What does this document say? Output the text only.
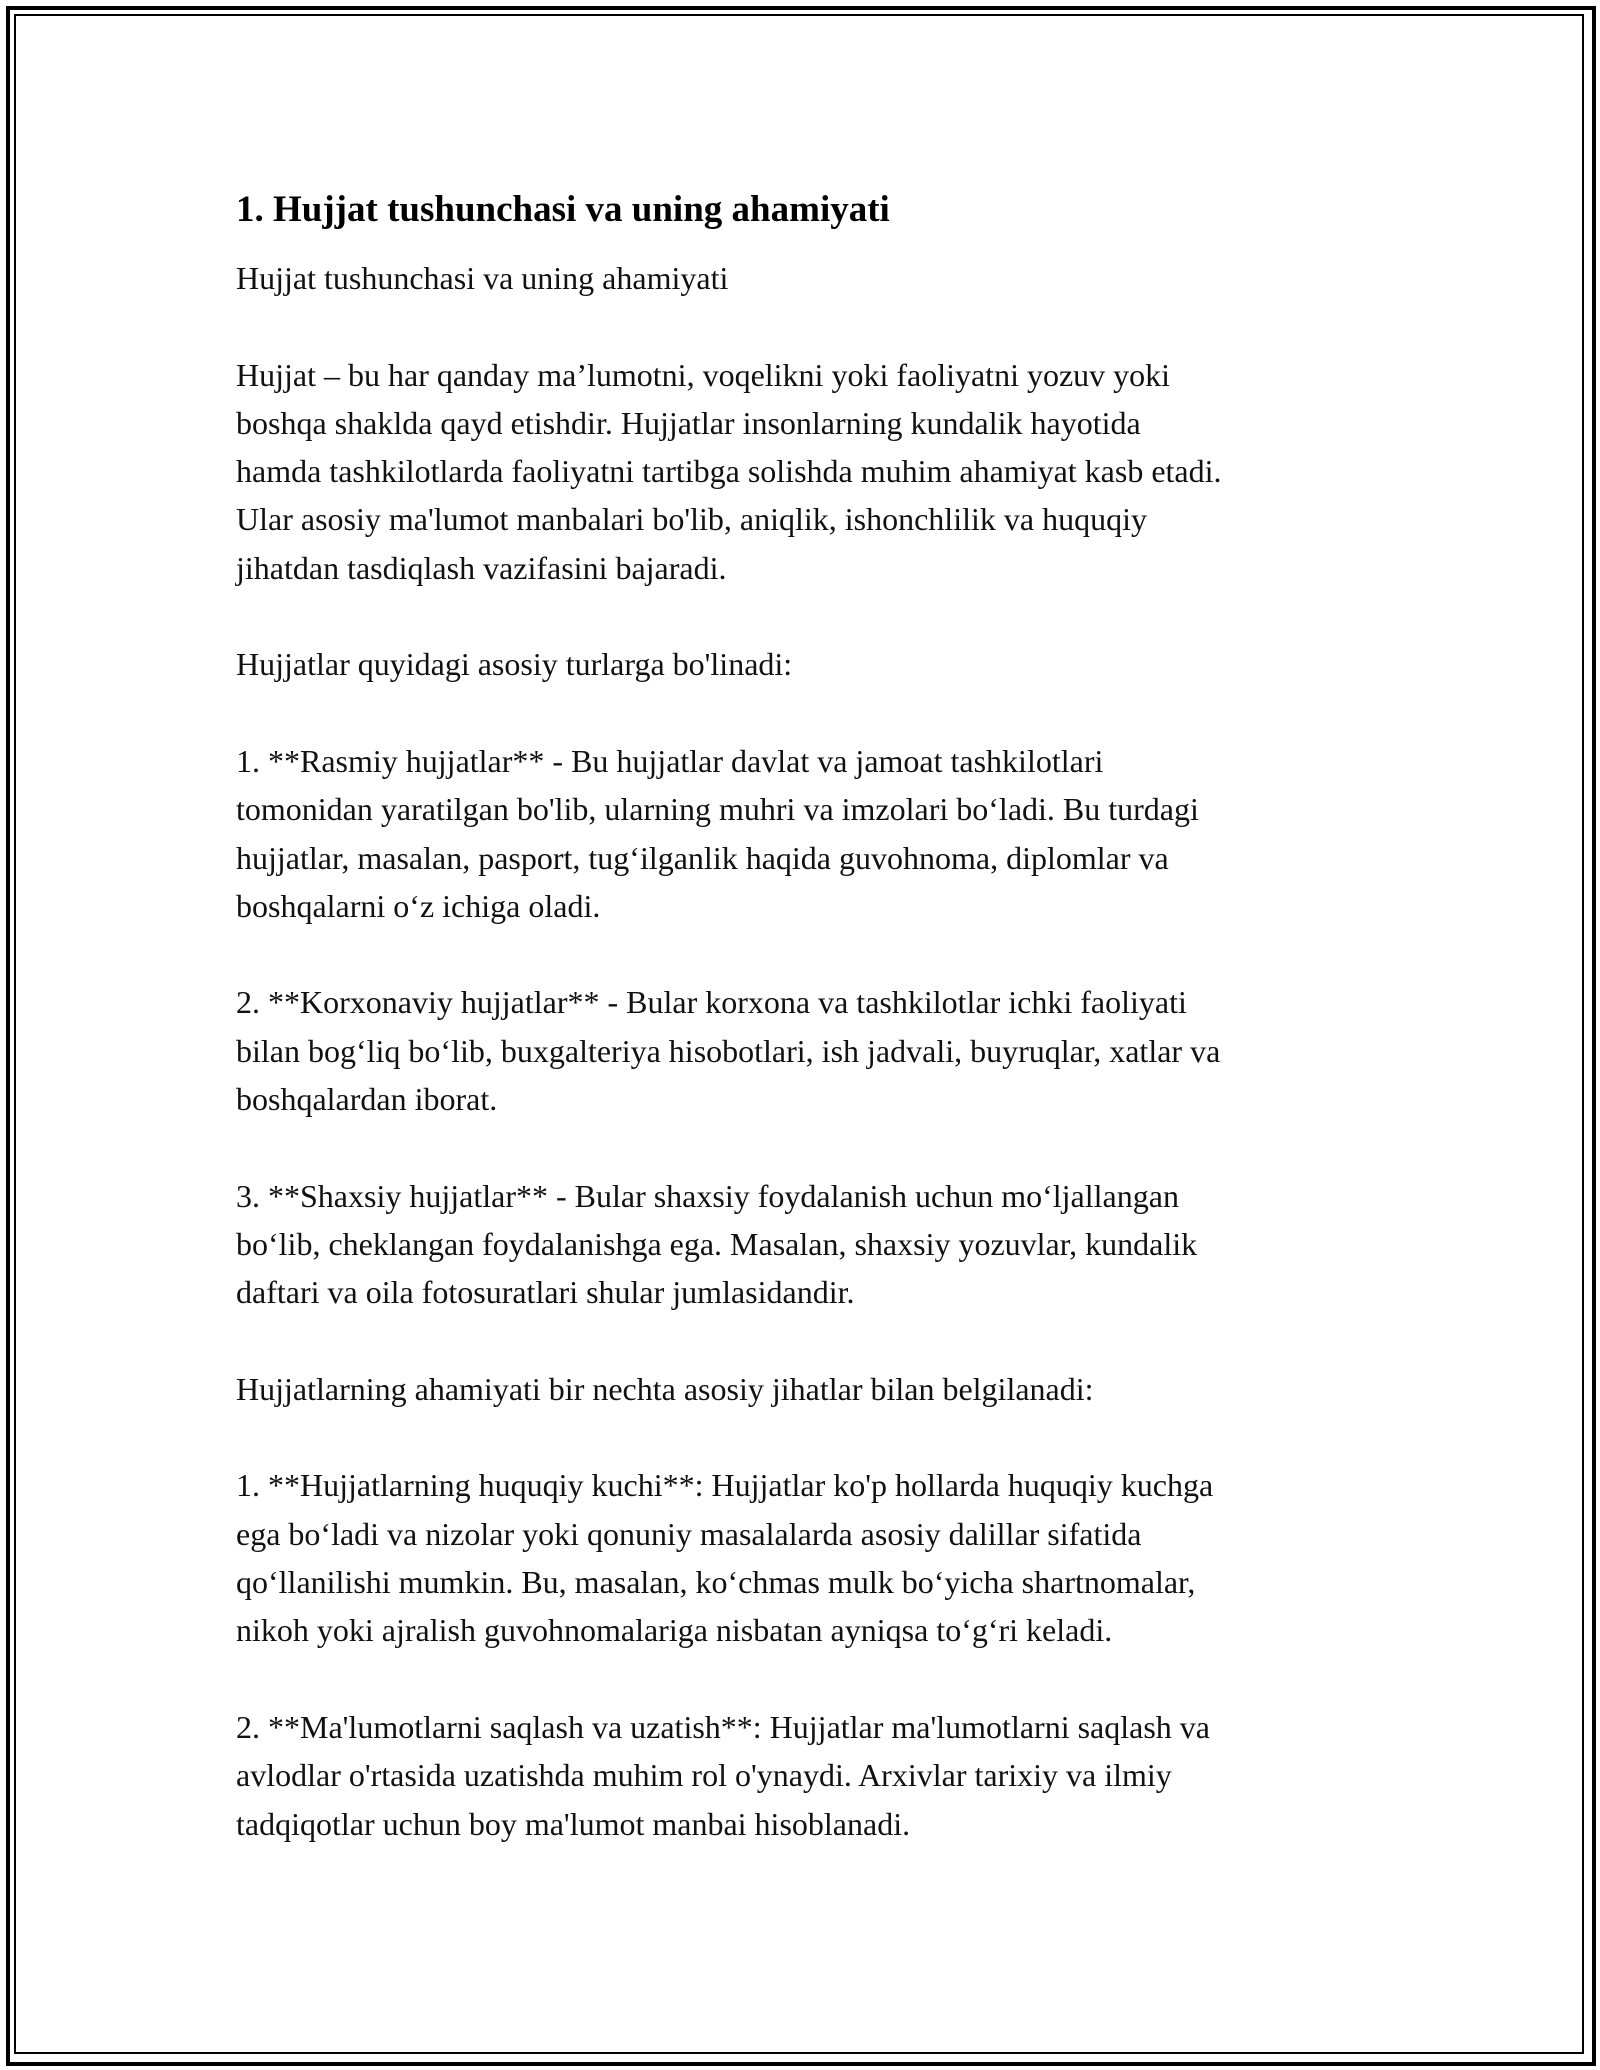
1. Hujjat tushunchasi va uning ahamiyati

Hujjat tushunchasi va uning ahamiyati

Hujjat – bu har qanday ma’lumotni, voqelikni yoki faoliyatni yozuv yoki
boshqa shaklda qayd etishdir. Hujjatlar insonlarning kundalik hayotida
hamda tashkilotlarda faoliyatni tartibga solishda muhim ahamiyat kasb etadi.
Ular asosiy ma'lumot manbalari bo'lib, aniqlik, ishonchlilik va huquqiy
jihatdan tasdiqlash vazifasini bajaradi.

Hujjatlar quyidagi asosiy turlarga bo'linadi:

1. **Rasmiy hujjatlar** - Bu hujjatlar davlat va jamoat tashkilotlari
tomonidan yaratilgan bo'lib, ularning muhri va imzolari bo‘ladi. Bu turdagi
hujjatlar, masalan, pasport, tug‘ilganlik haqida guvohnoma, diplomlar va
boshqalarni o‘z ichiga oladi.

2. **Korxonaviy hujjatlar** - Bular korxona va tashkilotlar ichki faoliyati
bilan bog‘liq bo‘lib, buxgalteriya hisobotlari, ish jadvali, buyruqlar, xatlar va
boshqalardan iborat.

3. **Shaxsiy hujjatlar** - Bular shaxsiy foydalanish uchun mo‘ljallangan
bo‘lib, cheklangan foydalanishga ega. Masalan, shaxsiy yozuvlar, kundalik
daftari va oila fotosuratlari shular jumlasidandir.

Hujjatlarning ahamiyati bir nechta asosiy jihatlar bilan belgilanadi:

1. **Hujjatlarning huquqiy kuchi**: Hujjatlar ko'p hollarda huquqiy kuchga
ega bo‘ladi va nizolar yoki qonuniy masalalarda asosiy dalillar sifatida
qo‘llanilishi mumkin. Bu, masalan, ko‘chmas mulk bo‘yicha shartnomalar,
nikoh yoki ajralish guvohnomalariga nisbatan ayniqsa to‘g‘ri keladi.

2. **Ma'lumotlarni saqlash va uzatish**: Hujjatlar ma'lumotlarni saqlash va
avlodlar o'rtasida uzatishda muhim rol o'ynaydi. Arxivlar tarixiy va ilmiy
tadqiqotlar uchun boy ma'lumot manbai hisoblanadi.
